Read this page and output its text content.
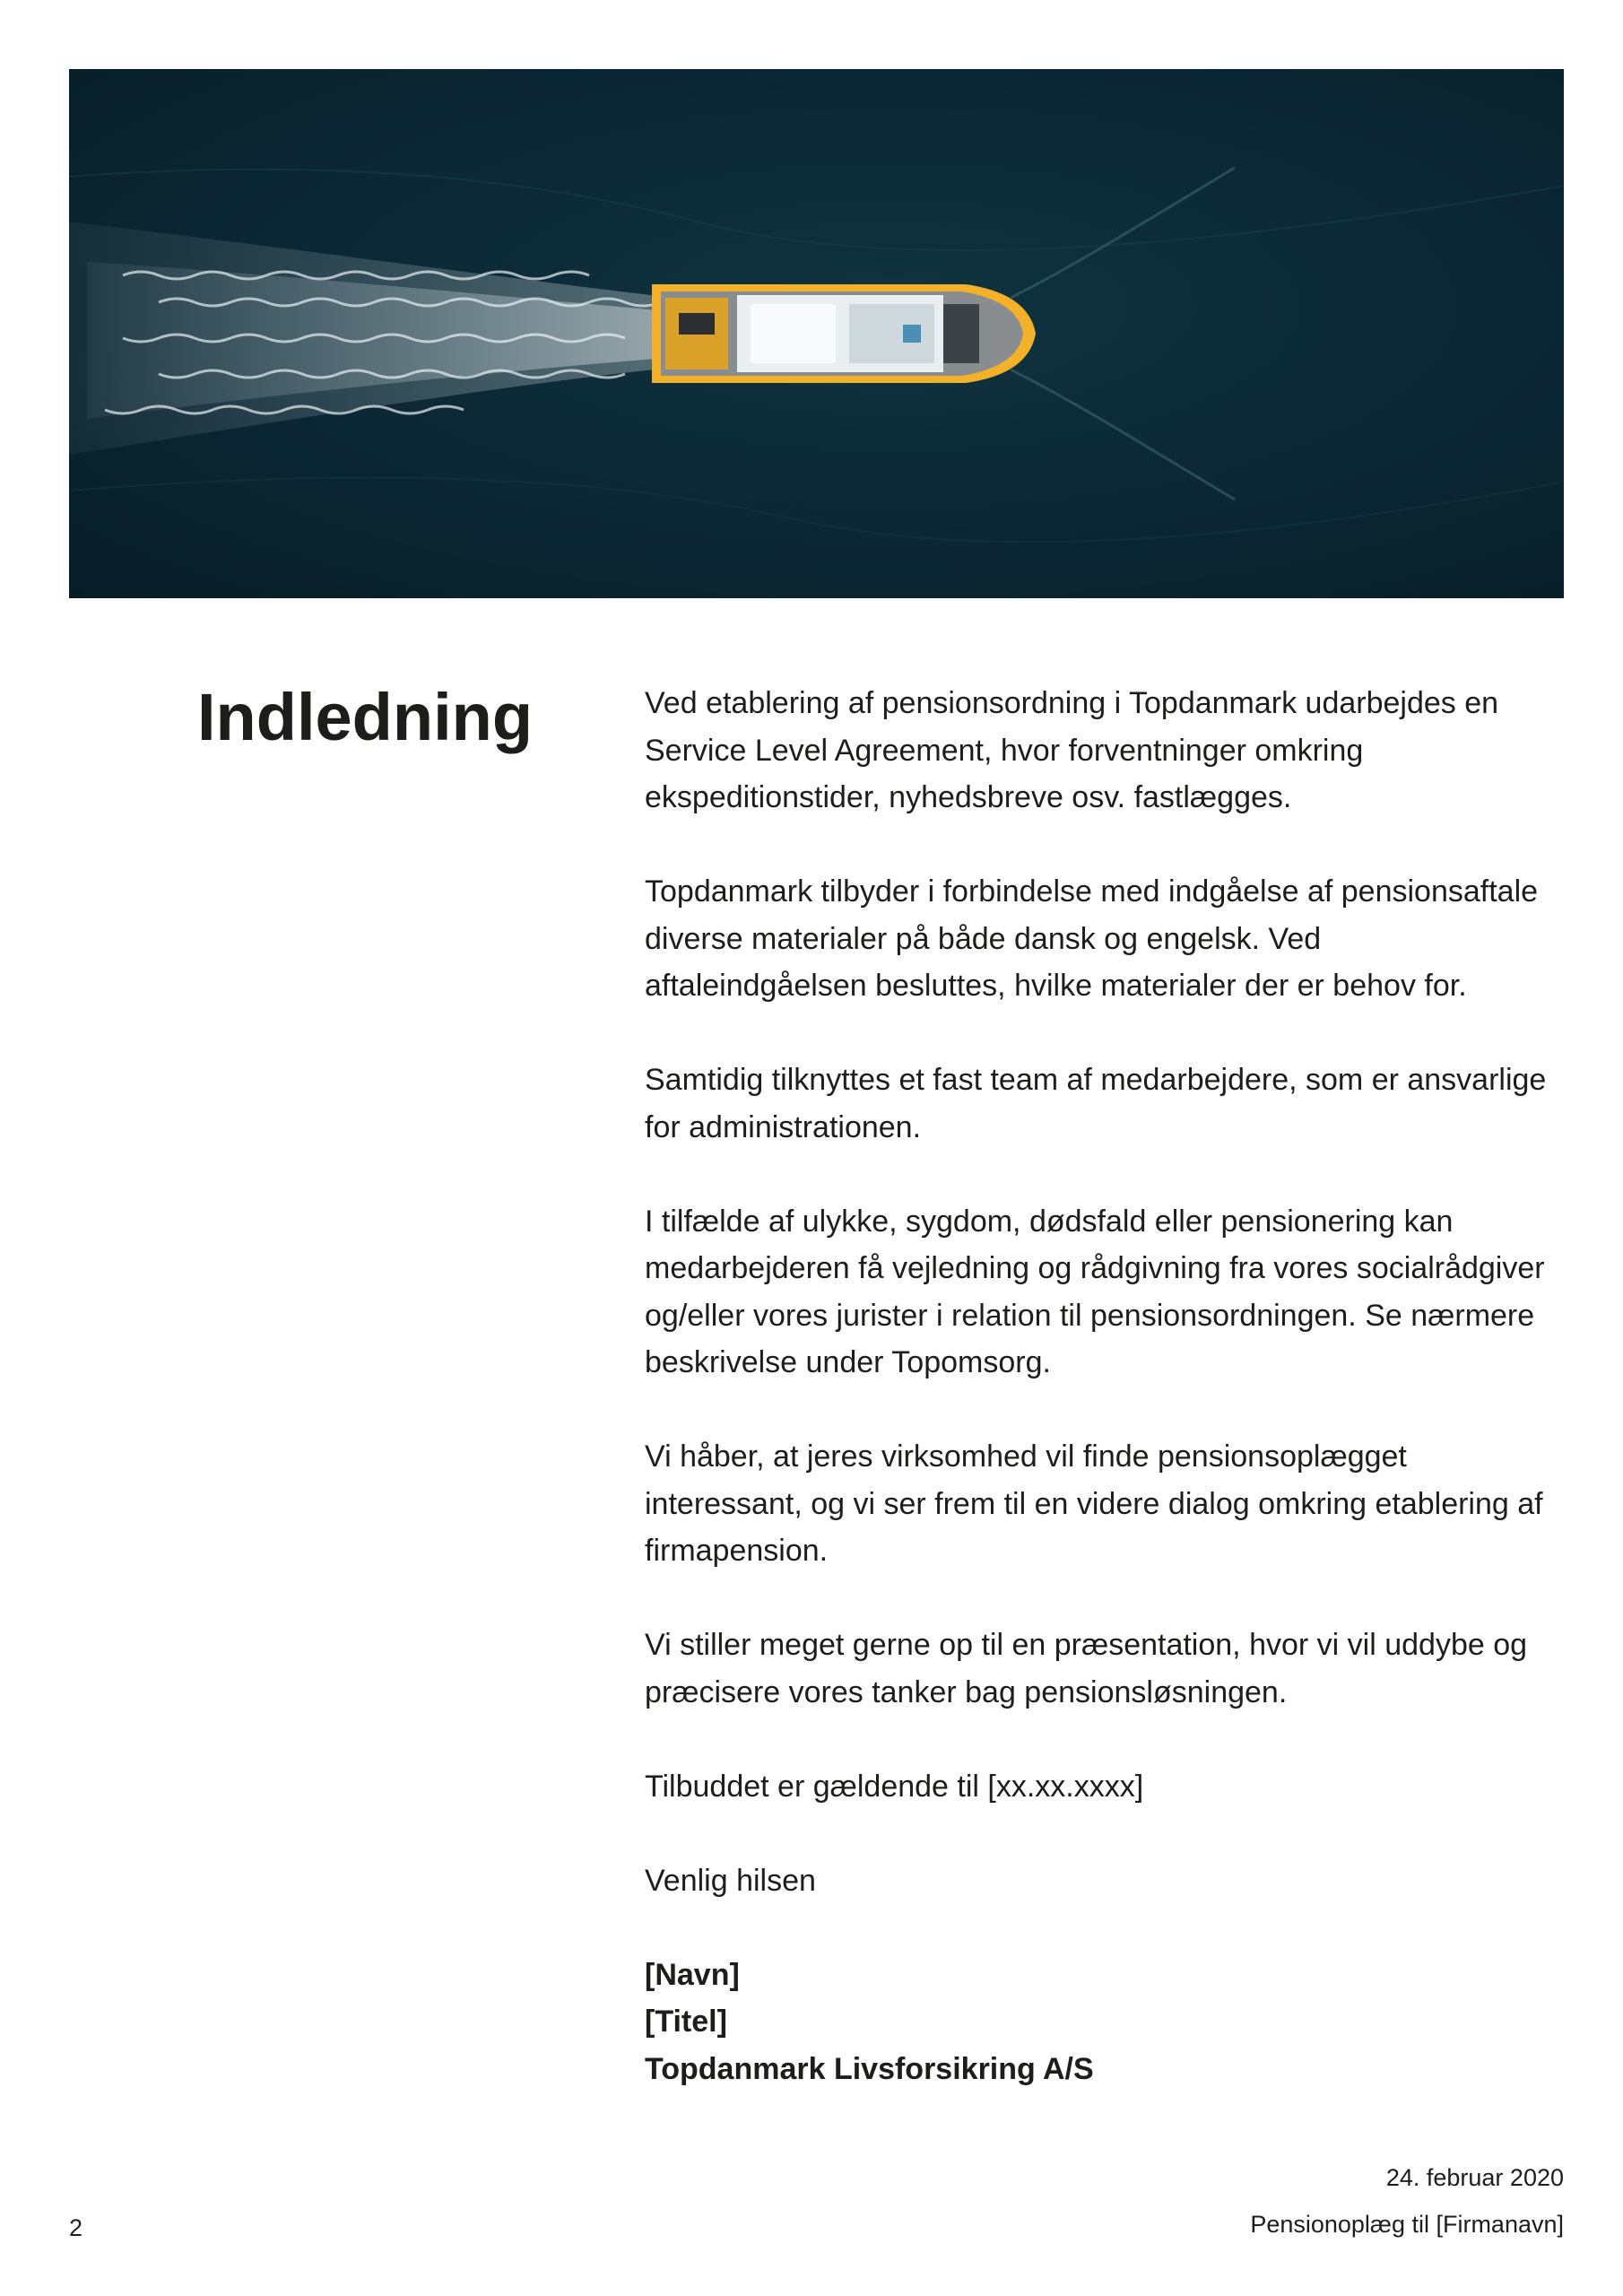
Indledning	Ved etablering af pensionsordning i Topdanmark udarbejdes en Service Level Agreement, hvor forventninger omkring ekspeditionstider, nyhedsbreve osv. fastlægges.

Topdanmark tilbyder i forbindelse med indgåelse af pensionsaftale diverse materialer på både dansk og engelsk. Ved aftaleindgåelsen besluttes, hvilke materialer der er behov for.

Samtidig tilknyttes et fast team af medarbejdere, som er ansvarlige for administrationen.

I tilfælde af ulykke, sygdom, dødsfald eller pensionering kan medarbejderen få vejledning og rådgivning fra vores socialrådgiver og/eller vores jurister i relation til pensionsordningen. Se nærmere beskrivelse under Topomsorg.

Vi håber, at jeres virksomhed vil finde pensionsoplægget interessant, og vi ser frem til en videre dialog omkring etablering af firmapension.

Vi stiller meget gerne op til en præsentation, hvor vi vil uddybe og præcisere vores tanker bag pensionsløsningen.

Tilbuddet er gældende til [xx.xx.xxxx]

Venlig hilsen

[Navn]
[Titel]
Topdanmark Livsforsikring A/S
24. februar 2020
Pensionoplæg til [Firmanavn]
2
